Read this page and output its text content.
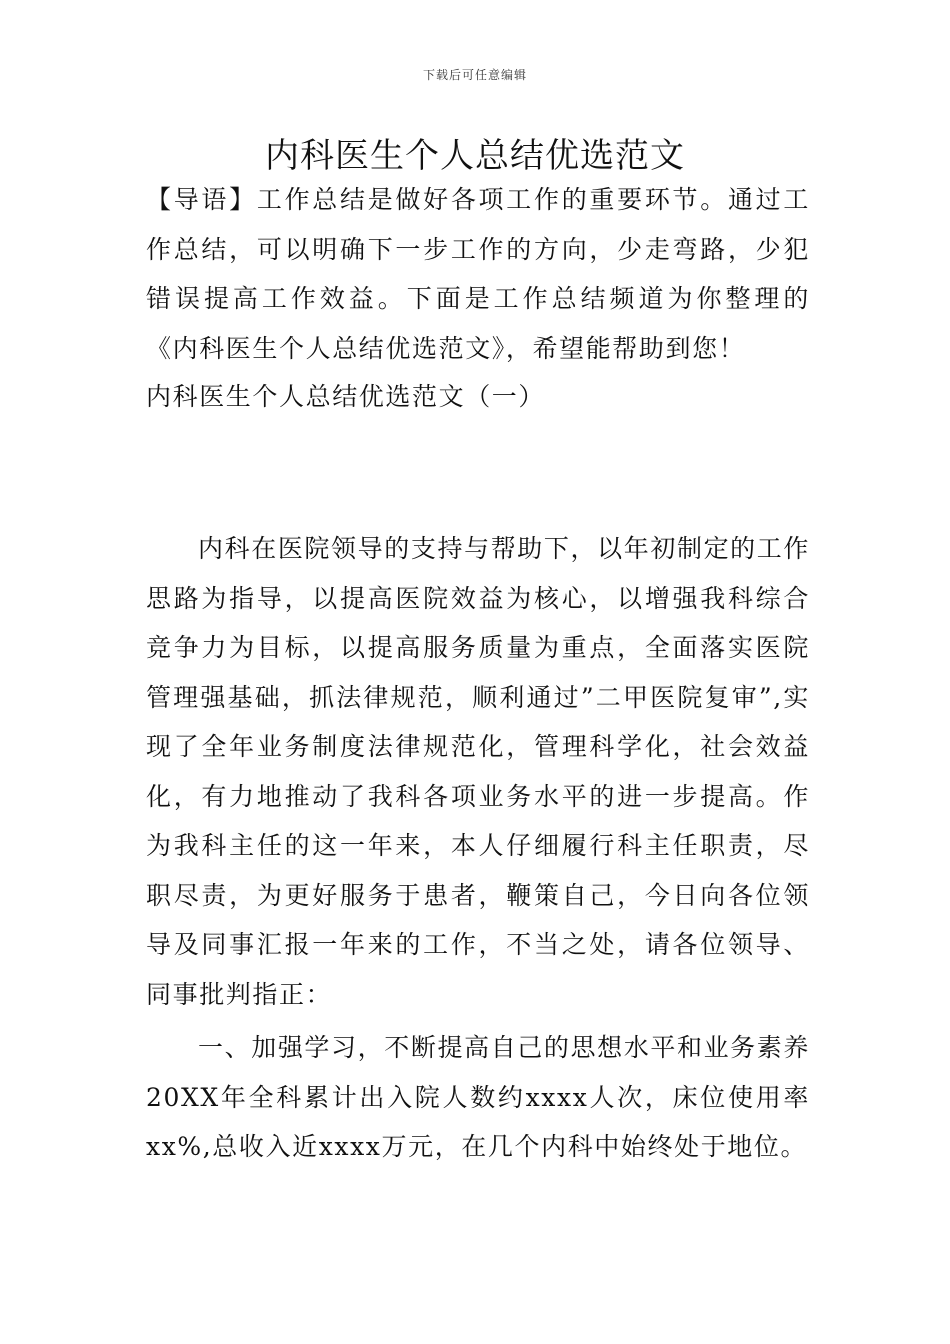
下载后可任意编辑
内科医生个人总结优选范文

【导语】工作总结是做好各项工作的重要环节。通过工作总结，可以明确下一步工作的方向，少走弯路，少犯错误提高工作效益。下面是工作总结频道为你整理的《内科医生个人总结优选范文》，希望能帮助到您！

内科医生个人总结优选范文（一）

内科在医院领导的支持与帮助下，以年初制定的工作思路为指导，以提高医院效益为核心，以增强我科综合竞争力为目标，以提高服务质量为重点，全面落实医院管理强基础，抓法律规范，顺利通过”二甲医院复审”,实现了全年业务制度法律规范化，管理科学化，社会效益化，有力地推动了我科各项业务水平的进一步提高。作为我科主任的这一年来，本人仔细履行科主任职责，尽职尽责，为更好服务于患者，鞭策自己，今日向各位领导及同事汇报一年来的工作，不当之处，请各位领导、同事批判指正：

一、加强学习，不断提高自己的思想水平和业务素养20XX年全科累计出入院人数约xxxx人次，床位使用率xx%,总收入近xxxx万元，在几个内科中始终处于地位。
